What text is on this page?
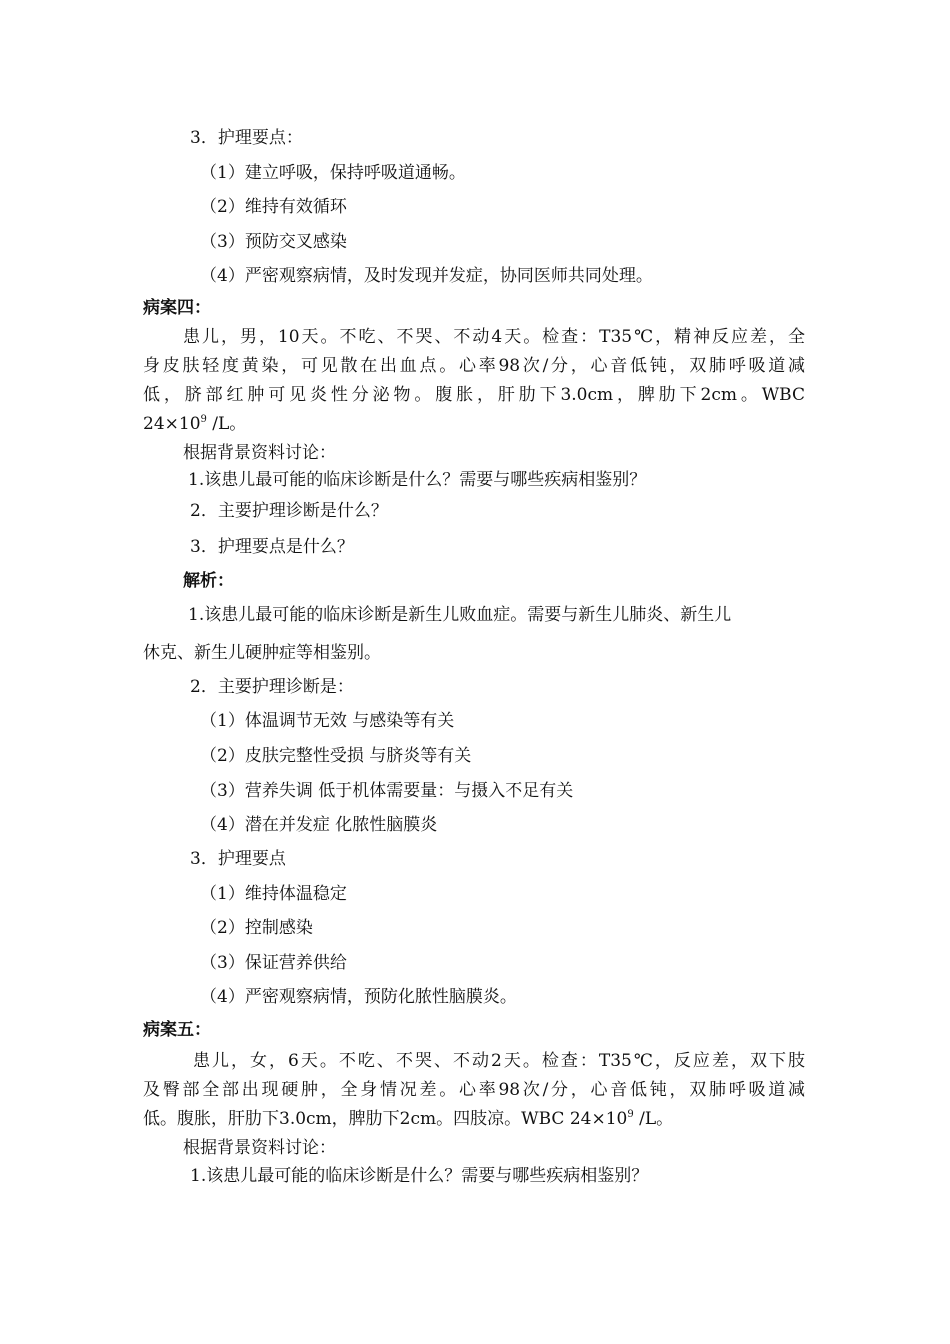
3．护理要点：
（1）建立呼吸，保持呼吸道通畅。
（2）维持有效循环
（3）预防交叉感染
（4）严密观察病情，及时发现并发症，协同医师共同处理。
病案四：
患儿，男，10天。不吃、不哭、不动4天。检查：T35℃，精神反应差，全
身皮肤轻度黄染，可见散在出血点。心率98次/分，心音低钝，双肺呼吸道减
低，脐部红肿可见炎性分泌物。腹胀，肝肋下3.0cm，脾肋下2cm。WBC
$24\times 10^9$ /L。
根据背景资料讨论：
1.该患儿最可能的临床诊断是什么？需要与哪些疾病相鉴别？
2．主要护理诊断是什么？
3．护理要点是什么？
解析：
1.该患儿最可能的临床诊断是新生儿败血症。需要与新生儿肺炎、新生儿
休克、新生儿硬肿症等相鉴别。
2．主要护理诊断是：
（1）体温调节无效 与感染等有关
（2）皮肤完整性受损 与脐炎等有关
（3）营养失调 低于机体需要量：与摄入不足有关
（4）潜在并发症 化脓性脑膜炎
3．护理要点
（1）维持体温稳定
（2）控制感染
（3）保证营养供给
（4）严密观察病情，预防化脓性脑膜炎。
病案五：
患儿，女，6天。不吃、不哭、不动2天。检查：T35℃，反应差，双下肢
及臀部全部出现硬肿，全身情况差。心率98次/分，心音低钝，双肺呼吸道减
低。腹胀，肝肋下3.0cm，脾肋下2cm。四肢凉。WBC $24\times 10^9$ /L。
根据背景资料讨论：
1.该患儿最可能的临床诊断是什么？需要与哪些疾病相鉴别？
